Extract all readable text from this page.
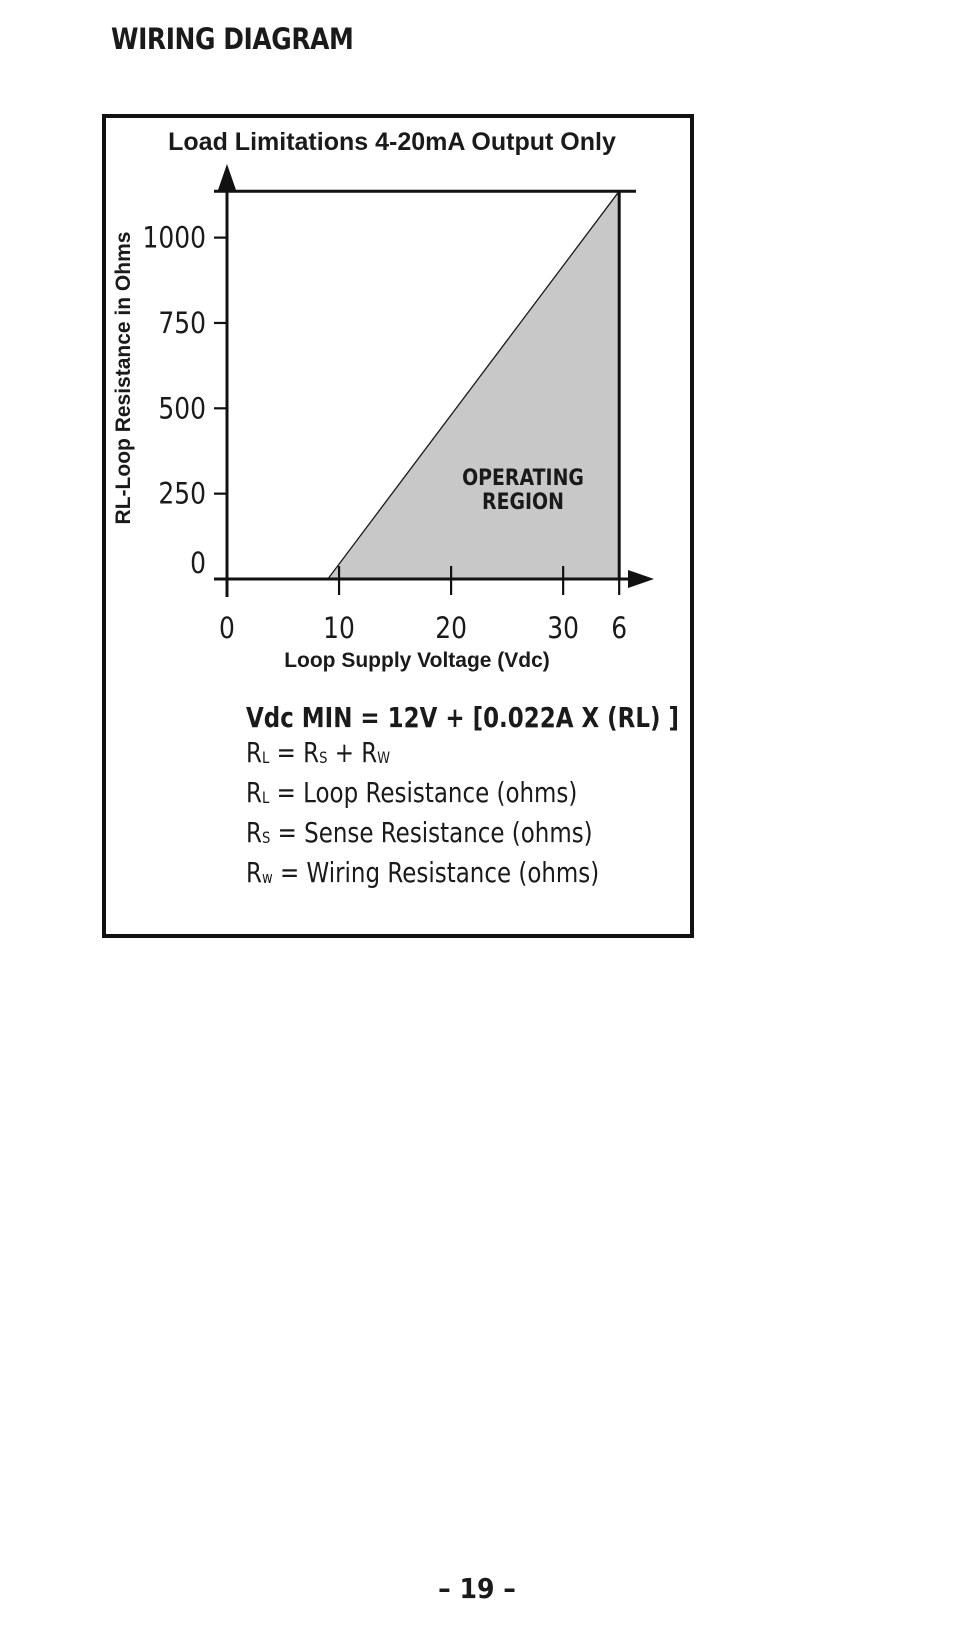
WIRING DIAGRAM
Load Limitations 4-20mA Output Only
RL-Loop Resistance in Ohms
Loop Supply Voltage (Vdc)
0	10	20	30 6
0
250
500
750
1000
OPERATING
REGION
Vdc MIN = 12V + [0.022A X (RL) ]
$R_L = R_S + R_W$
$R_L$ = Loop Resistance (ohms)
$R_S$ = Sense Resistance (ohms)
$R_w$ = Wiring Resistance (ohms)
– 19 –
